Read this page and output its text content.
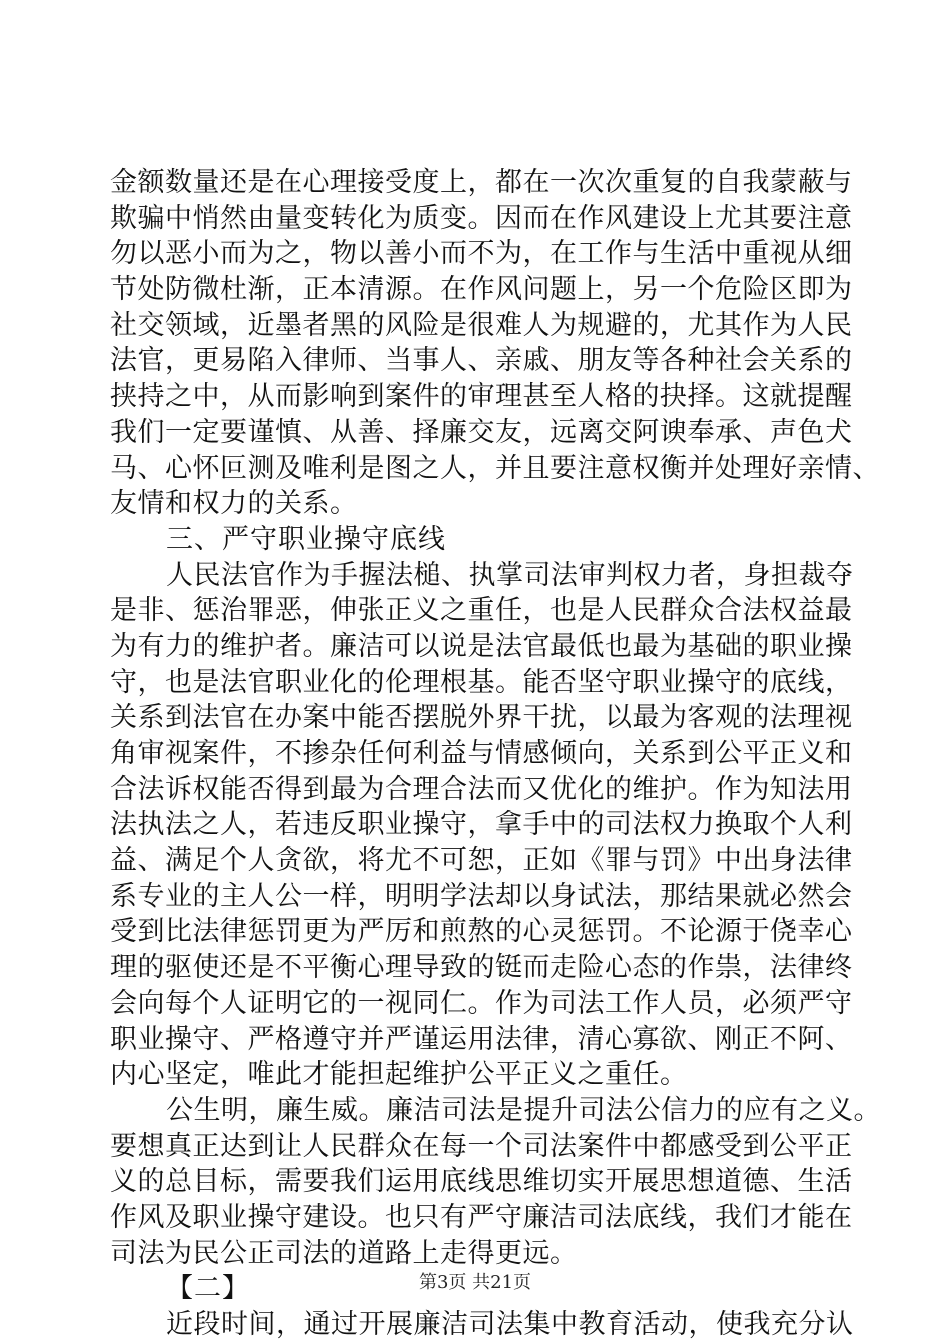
金额数量还是在心理接受度上，都在一次次重复的自我蒙蔽与
欺骗中悄然由量变转化为质变。因而在作风建设上尤其要注意
勿以恶小而为之，物以善小而不为，在工作与生活中重视从细
节处防微杜渐，正本清源。在作风问题上，另一个危险区即为
社交领域，近墨者黑的风险是很难人为规避的，尤其作为人民
法官，更易陷入律师、当事人、亲戚、朋友等各种社会关系的
挟持之中，从而影响到案件的审理甚至人格的抉择。这就提醒
我们一定要谨慎、从善、择廉交友，远离交阿谀奉承、声色犬
马、心怀叵测及唯利是图之人，并且要注意权衡并处理好亲情、
友情和权力的关系。
三、严守职业操守底线
人民法官作为手握法槌、执掌司法审判权力者，身担裁夺
是非、惩治罪恶，伸张正义之重任，也是人民群众合法权益最
为有力的维护者。廉洁可以说是法官最低也最为基础的职业操
守，也是法官职业化的伦理根基。能否坚守职业操守的底线，
关系到法官在办案中能否摆脱外界干扰，以最为客观的法理视
角审视案件，不掺杂任何利益与情感倾向，关系到公平正义和
合法诉权能否得到最为合理合法而又优化的维护。作为知法用
法执法之人，若违反职业操守，拿手中的司法权力换取个人利
益、满足个人贪欲，将尤不可恕，正如《罪与罚》中出身法律
系专业的主人公一样，明明学法却以身试法，那结果就必然会
受到比法律惩罚更为严厉和煎熬的心灵惩罚。不论源于侥幸心
理的驱使还是不平衡心理导致的铤而走险心态的作祟，法律终
会向每个人证明它的一视同仁。作为司法工作人员，必须严守
职业操守、严格遵守并严谨运用法律，清心寡欲、刚正不阿、
内心坚定，唯此才能担起维护公平正义之重任。
公生明，廉生威。廉洁司法是提升司法公信力的应有之义。
要想真正达到让人民群众在每一个司法案件中都感受到公平正
义的总目标，需要我们运用底线思维切实开展思想道德、生活
作风及职业操守建设。也只有严守廉洁司法底线，我们才能在
司法为民公正司法的道路上走得更远。
【二】
近段时间，通过开展廉洁司法集中教育活动，使我充分认
第3页 共21页
